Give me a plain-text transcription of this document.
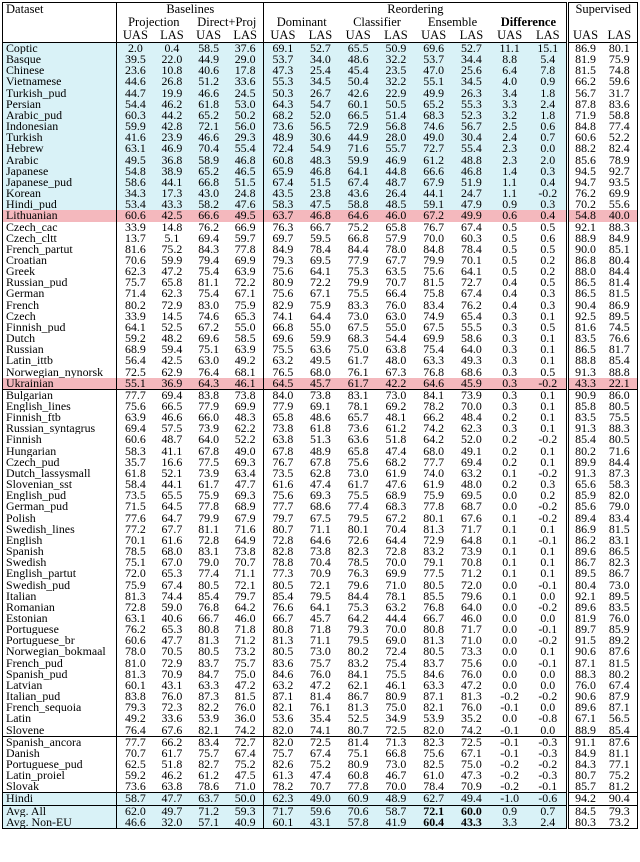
Dataset	Baselines				Reordering								Supervised	
	Projection		Direct+Proj		Dominant		Classifier		Ensemble		Difference			
	UAS	LAS	UAS	LAS	UAS	LAS	UAS	LAS	UAS	LAS	UAS	LAS	UAS	LAS
Coptic	2.0	0.4	58.5	37.6	69.1	52.7	65.5	50.9	69.6	52.7	11.1	15.1	86.9	80.1
Basque	39.5	22.0	44.9	29.0	53.7	34.0	48.6	32.2	53.7	34.4	8.8	5.4	81.9	75.9
Chinese	23.6	10.8	40.6	17.8	47.3	25.4	45.4	23.5	47.0	25.6	6.4	7.8	81.5	74.8
Vietnamese	44.6	26.8	51.2	33.6	55.3	34.5	50.4	32.2	55.1	34.5	4.0	0.9	66.2	59.6
Turkish_pud	44.7	19.9	46.6	24.5	50.3	26.7	42.6	22.9	49.9	26.3	3.4	1.8	56.7	31.7
Persian	54.4	46.2	61.8	53.0	64.3	54.7	60.1	50.5	65.2	55.3	3.3	2.4	87.8	83.6
Arabic_pud	60.3	44.2	65.2	50.2	68.2	52.0	66.5	51.4	68.3	52.3	3.2	1.8	71.9	58.8
Indonesian	59.9	42.8	72.1	56.0	73.6	56.5	72.9	56.8	74.6	56.7	2.5	0.6	84.8	77.4
Turkish	41.6	23.9	46.6	29.3	48.9	30.6	44.9	28.0	49.0	30.4	2.4	0.7	60.6	52.2
Hebrew	63.1	46.9	70.4	55.4	72.4	54.9	71.6	55.7	72.7	55.4	2.3	0.0	88.2	82.4
Arabic	49.5	36.8	58.9	46.8	60.8	48.3	59.9	46.9	61.2	48.8	2.3	2.0	85.6	78.9
Japanese	54.8	38.9	65.2	46.5	65.9	46.8	64.1	44.8	66.6	46.8	1.4	0.3	94.5	92.7
Japanese_pud	58.6	44.1	66.8	51.5	67.4	51.5	67.4	48.7	67.9	51.9	1.1	0.4	94.7	93.5
Korean	34.3	17.3	43.0	24.8	43.5	23.8	43.6	26.4	44.1	24.7	1.1	-0.2	76.2	69.9
Hindi_pud	53.4	43.3	58.2	47.6	58.3	47.5	58.8	48.5	59.1	47.9	0.9	0.3	70.2	55.6
Lithuanian	60.6	42.5	66.6	49.5	63.7	46.8	64.6	46.0	67.2	49.9	0.6	0.4	54.8	40.0
Czech_cac	33.9	14.8	76.2	66.9	76.3	66.7	75.2	65.8	76.7	67.4	0.5	0.5	92.1	88.3
Czech_cltt	13.7	5.1	69.4	59.7	69.7	59.5	66.8	57.9	70.0	60.3	0.5	0.6	88.9	84.9
French_partut	81.6	75.2	84.3	77.8	84.9	78.4	84.4	78.0	84.8	78.4	0.5	0.5	90.0	85.1
Croatian	70.6	59.9	79.4	69.9	79.3	69.5	77.9	67.7	79.9	70.1	0.5	0.2	86.8	80.4
Greek	62.3	47.2	75.4	63.9	75.6	64.1	75.3	63.5	75.6	64.1	0.5	0.2	88.0	84.4
Russian_pud	75.7	65.8	81.1	72.2	80.9	72.2	79.9	70.7	81.5	72.7	0.4	0.5	86.5	81.4
German	71.4	62.3	75.4	67.1	75.6	67.1	75.5	66.4	75.8	67.4	0.4	0.3	86.5	81.5
French	80.2	72.9	83.0	75.9	82.9	75.9	83.3	76.0	83.4	76.2	0.4	0.3	90.4	86.9
Czech	33.9	14.5	74.6	65.3	74.1	64.4	73.0	63.0	74.9	65.4	0.3	0.1	92.5	89.5
Finnish_pud	64.1	52.5	67.2	55.0	66.8	55.0	67.5	55.0	67.5	55.5	0.3	0.5	81.6	74.5
Dutch	59.2	48.2	69.6	58.5	69.6	59.9	68.3	54.4	69.9	58.6	0.3	0.1	83.5	76.6
Russian	68.9	59.4	75.1	63.9	75.5	63.6	75.0	63.8	75.4	64.0	0.3	0.1	86.5	81.7
Latin_ittb	56.4	42.5	63.0	49.2	63.2	49.5	61.7	48.0	63.3	49.3	0.3	0.1	88.8	85.4
Norwegian_nynorsk	72.5	62.9	76.4	68.1	76.5	68.0	76.1	67.3	76.8	68.6	0.3	0.5	91.3	88.8
Ukrainian	55.1	36.9	64.3	46.1	64.5	45.7	61.7	42.2	64.6	45.9	0.3	-0.2	43.3	22.1
Bulgarian	77.7	69.4	83.8	73.8	84.0	73.8	83.1	73.0	84.1	73.9	0.3	0.1	90.9	86.0
English_lines	75.6	66.5	77.9	69.9	77.9	69.1	78.1	69.2	78.2	70.0	0.3	0.1	85.8	80.5
Finnish_ftb	63.9	46.6	66.0	48.3	65.8	48.6	65.7	48.1	66.2	48.4	0.2	0.1	83.5	75.5
Russian_syntagrus	69.4	57.5	73.9	62.2	73.8	61.8	73.6	61.2	74.2	62.3	0.3	0.1	91.3	88.3
Finnish	60.6	48.7	64.0	52.2	63.8	51.3	63.6	51.8	64.2	52.0	0.2	-0.2	85.4	80.5
Hungarian	58.3	41.1	67.8	49.0	67.8	48.9	65.8	47.4	68.0	49.1	0.2	0.1	80.2	71.6
Czech_pud	35.7	16.6	77.5	69.3	76.7	67.8	75.6	68.2	77.7	69.4	0.2	0.1	89.9	84.4
Dutch_lassysmall	61.8	52.1	73.9	63.4	73.5	62.8	73.0	61.9	74.0	63.2	0.1	-0.2	91.3	87.3
Slovenian_sst	58.4	44.1	61.7	47.7	61.6	47.4	61.7	47.6	61.9	48.0	0.2	0.3	65.6	58.3
English_pud	73.5	65.5	75.9	69.3	75.6	69.3	75.5	68.9	75.9	69.5	0.0	0.2	85.9	82.0
German_pud	71.5	64.5	77.8	68.9	77.7	68.6	77.4	68.3	77.8	68.7	0.0	-0.2	85.6	79.0
Polish	77.6	64.7	79.9	67.9	79.7	67.5	79.5	67.2	80.1	67.6	0.1	-0.2	89.4	83.4
Swedish_lines	77.2	67.7	81.1	71.6	80.7	71.1	80.1	70.4	81.3	71.7	0.1	0.1	86.9	81.5
English	70.1	61.6	72.8	64.9	72.8	64.6	72.6	64.4	72.9	64.8	0.1	-0.1	86.2	83.1
Spanish	78.5	68.0	83.1	73.8	82.8	73.8	82.3	72.8	83.2	73.9	0.1	0.1	89.6	86.5
Swedish	75.1	67.0	79.0	70.7	78.8	70.4	78.5	70.0	79.1	70.8	0.1	0.1	86.7	82.3
English_partut	72.0	65.3	77.4	71.1	77.3	70.9	76.3	69.9	77.5	71.2	0.1	0.1	89.5	86.7
Swedish_pud	75.9	67.4	80.5	72.1	80.5	72.1	79.6	71.0	80.5	72.0	0.0	-0.1	80.4	73.0
Italian	81.3	74.4	85.4	79.7	85.4	79.5	84.4	78.1	85.5	79.6	0.1	0.0	92.1	89.5
Romanian	72.8	59.0	76.8	64.2	76.6	64.1	75.3	63.2	76.8	64.0	0.0	-0.2	89.6	83.5
Estonian	63.1	40.6	66.7	46.0	66.7	45.7	64.2	44.4	66.7	46.0	0.0	0.0	81.9	76.0
Portuguese	76.2	65.3	80.8	71.8	80.8	71.8	79.3	70.0	80.8	71.7	0.0	-0.1	89.7	85.9
Portuguese_br	60.6	47.7	81.3	71.2	81.3	71.1	79.5	69.0	81.3	71.0	0.0	-0.2	91.5	89.2
Norwegian_bokmaal	78.0	70.5	80.5	73.2	80.5	73.0	80.2	72.4	80.5	73.3	0.0	0.1	90.6	87.6
French_pud	81.0	72.9	83.7	75.7	83.6	75.7	83.2	75.4	83.7	75.6	0.0	-0.1	87.1	81.5
Spanish_pud	81.3	70.9	84.7	75.0	84.6	76.0	84.1	75.5	84.6	76.0	0.0	0.0	88.3	80.2
Latvian	60.1	43.1	63.3	47.2	63.2	47.2	62.1	46.1	63.3	47.2	0.0	0.0	76.0	67.4
Italian_pud	83.8	76.0	87.3	81.5	87.1	81.4	86.7	80.9	87.1	81.3	-0.2	-0.2	90.6	87.9
French_sequoia	79.3	72.3	82.2	76.0	82.1	76.1	81.3	75.0	82.1	76.0	-0.1	0.0	89.6	87.1
Latin	49.2	33.6	53.9	36.0	53.6	35.4	52.5	34.9	53.9	35.2	0.0	-0.8	67.1	56.5
Slovene	76.4	67.6	82.1	74.2	82.0	74.1	80.7	72.5	82.0	74.2	-0.1	0.0	88.9	85.4
Spanish_ancora	77.7	66.2	83.4	72.7	82.0	72.5	81.4	71.3	82.3	72.5	-0.1	-0.3	91.1	87.6
Danish	70.7	61.7	75.7	67.4	75.7	67.4	75.1	66.8	75.6	67.1	-0.1	-0.3	84.9	81.1
Portuguese_pud	62.5	51.8	82.7	75.2	82.6	75.2	80.9	73.0	82.5	75.0	-0.2	-0.2	84.3	77.1
Latin_proiel	59.2	46.2	61.2	47.5	61.3	47.4	60.8	46.7	61.0	47.3	-0.2	-0.3	80.7	75.2
Slovak	73.6	63.8	78.6	71.0	78.2	70.7	77.8	70.0	78.4	70.9	-0.2	-0.1	85.7	81.2
Hindi	58.7	47.7	63.7	50.0	62.3	49.0	60.9	48.9	62.7	49.4	-1.0	-0.6	94.2	90.4
Avg. All	62.0	49.7	71.2	59.3	71.7	59.6	70.6	58.7	72.1	60.0	0.9	0.7	84.5	79.3
Avg. Non-EU	46.6	32.0	57.1	40.9	60.1	43.1	57.8	41.9	60.4	43.3	3.3	2.4	80.3	73.2
